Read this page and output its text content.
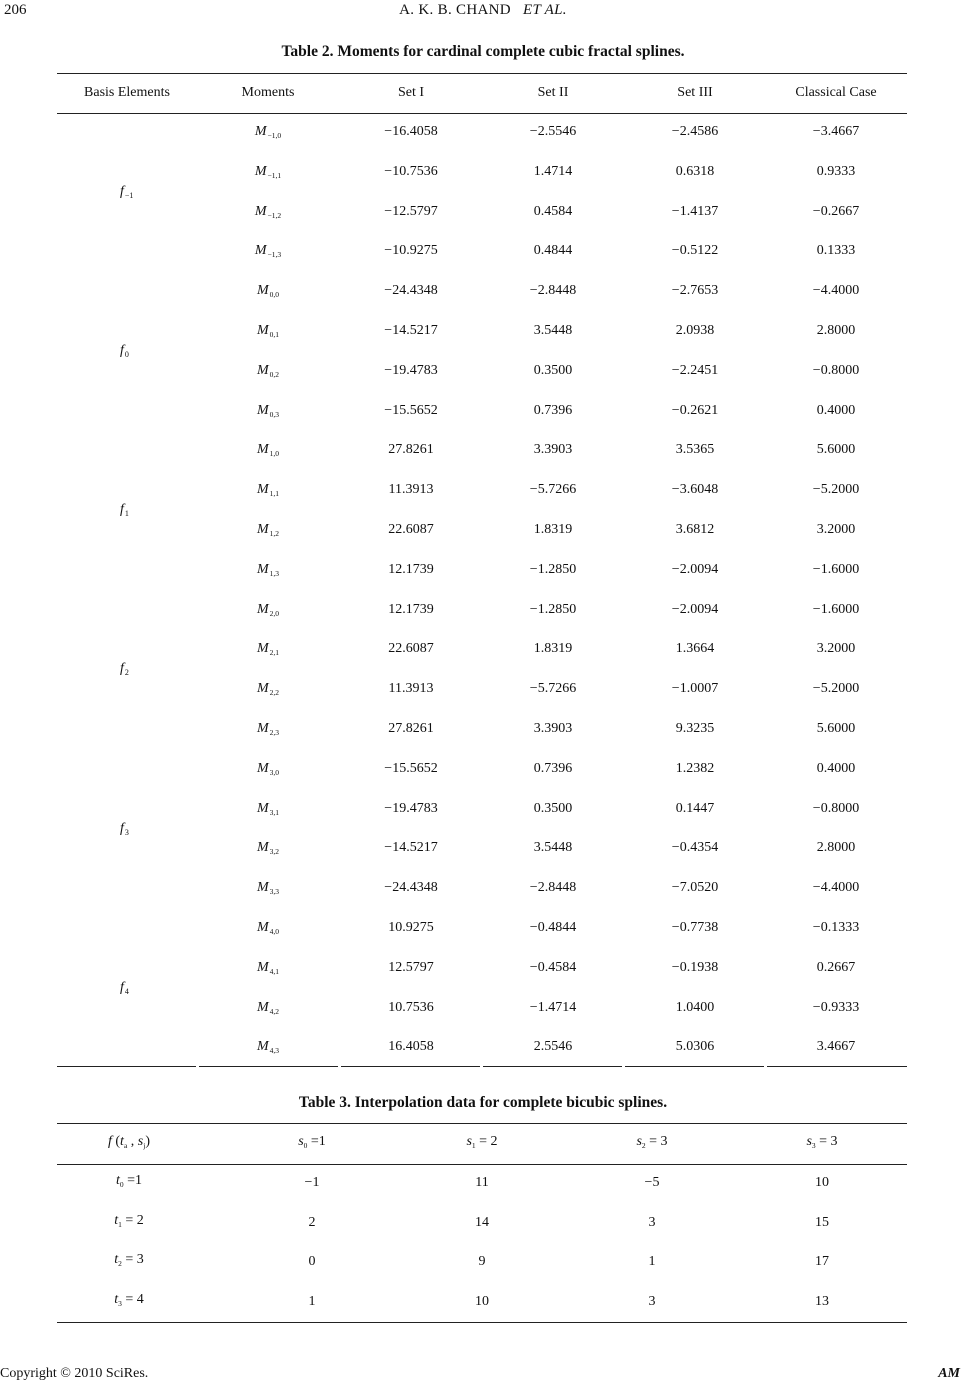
206	A. K. B. CHAND ET AL.
Table 2. Moments for cardinal complete cubic fractal splines.
Basis Elements	Moments	Set I	Set II	Set III	Classical Case
$f_{-1}$
$M_{-1,0}$	−16.4058	−2.5546	−2.4586	−3.4667
$M_{-1,1}$	−10.7536	1.4714	0.6318	0.9333
$M_{-1,2}$	−12.5797	0.4584	−1.4137	−0.2667
$M_{-1,3}$	−10.9275	0.4844	−0.5122	0.1333
$f_0$
$M_{0,0}$	−24.4348	−2.8448	−2.7653	−4.4000
$M_{0,1}$	−14.5217	3.5448	2.0938	2.8000
$M_{0,2}$	−19.4783	0.3500	−2.2451	−0.8000
$M_{0,3}$	−15.5652	0.7396	−0.2621	0.4000
$f_1$
$M_{1,0}$	27.8261	3.3903	3.5365	5.6000
$M_{1,1}$	11.3913	−5.7266	−3.6048	−5.2000
$M_{1,2}$	22.6087	1.8319	3.6812	3.2000
$M_{1,3}$	12.1739	−1.2850	−2.0094	−1.6000
$f_2$
$M_{2,0}$	12.1739	−1.2850	−2.0094	−1.6000
$M_{2,1}$	22.6087	1.8319	1.3664	3.2000
$M_{2,2}$	11.3913	−5.7266	−1.0007	−5.2000
$M_{2,3}$	27.8261	3.3903	9.3235	5.6000
$f_3$
$M_{3,0}$	−15.5652	0.7396	1.2382	0.4000
$M_{3,1}$	−19.4783	0.3500	0.1447	−0.8000
$M_{3,2}$	−14.5217	3.5448	−0.4354	2.8000
$M_{3,3}$	−24.4348	−2.8448	−7.0520	−4.4000
$f_4$
$M_{4,0}$	10.9275	−0.4844	−0.7738	−0.1333
$M_{4,1}$	12.5797	−0.4584	−0.1938	0.2667
$M_{4,2}$	10.7536	−1.4714	1.0400	−0.9333
$M_{4,3}$	16.4058	2.5546	5.0306	3.4667
Table 3. Interpolation data for complete bicubic splines.
f ($t_a$ , $s_j$)	$s_0 =1$	$s_1 = 2$	$s_2 = 3$	$s_3 = 3$
$t_0 =1$	−1	11	−5	10
$t_1 = 2$	2	14	3	15
$t_2 = 3$	0	9	1	17
$t_3 = 4$	1	10	3	13
Copyright © 2010 SciRes.	AM
